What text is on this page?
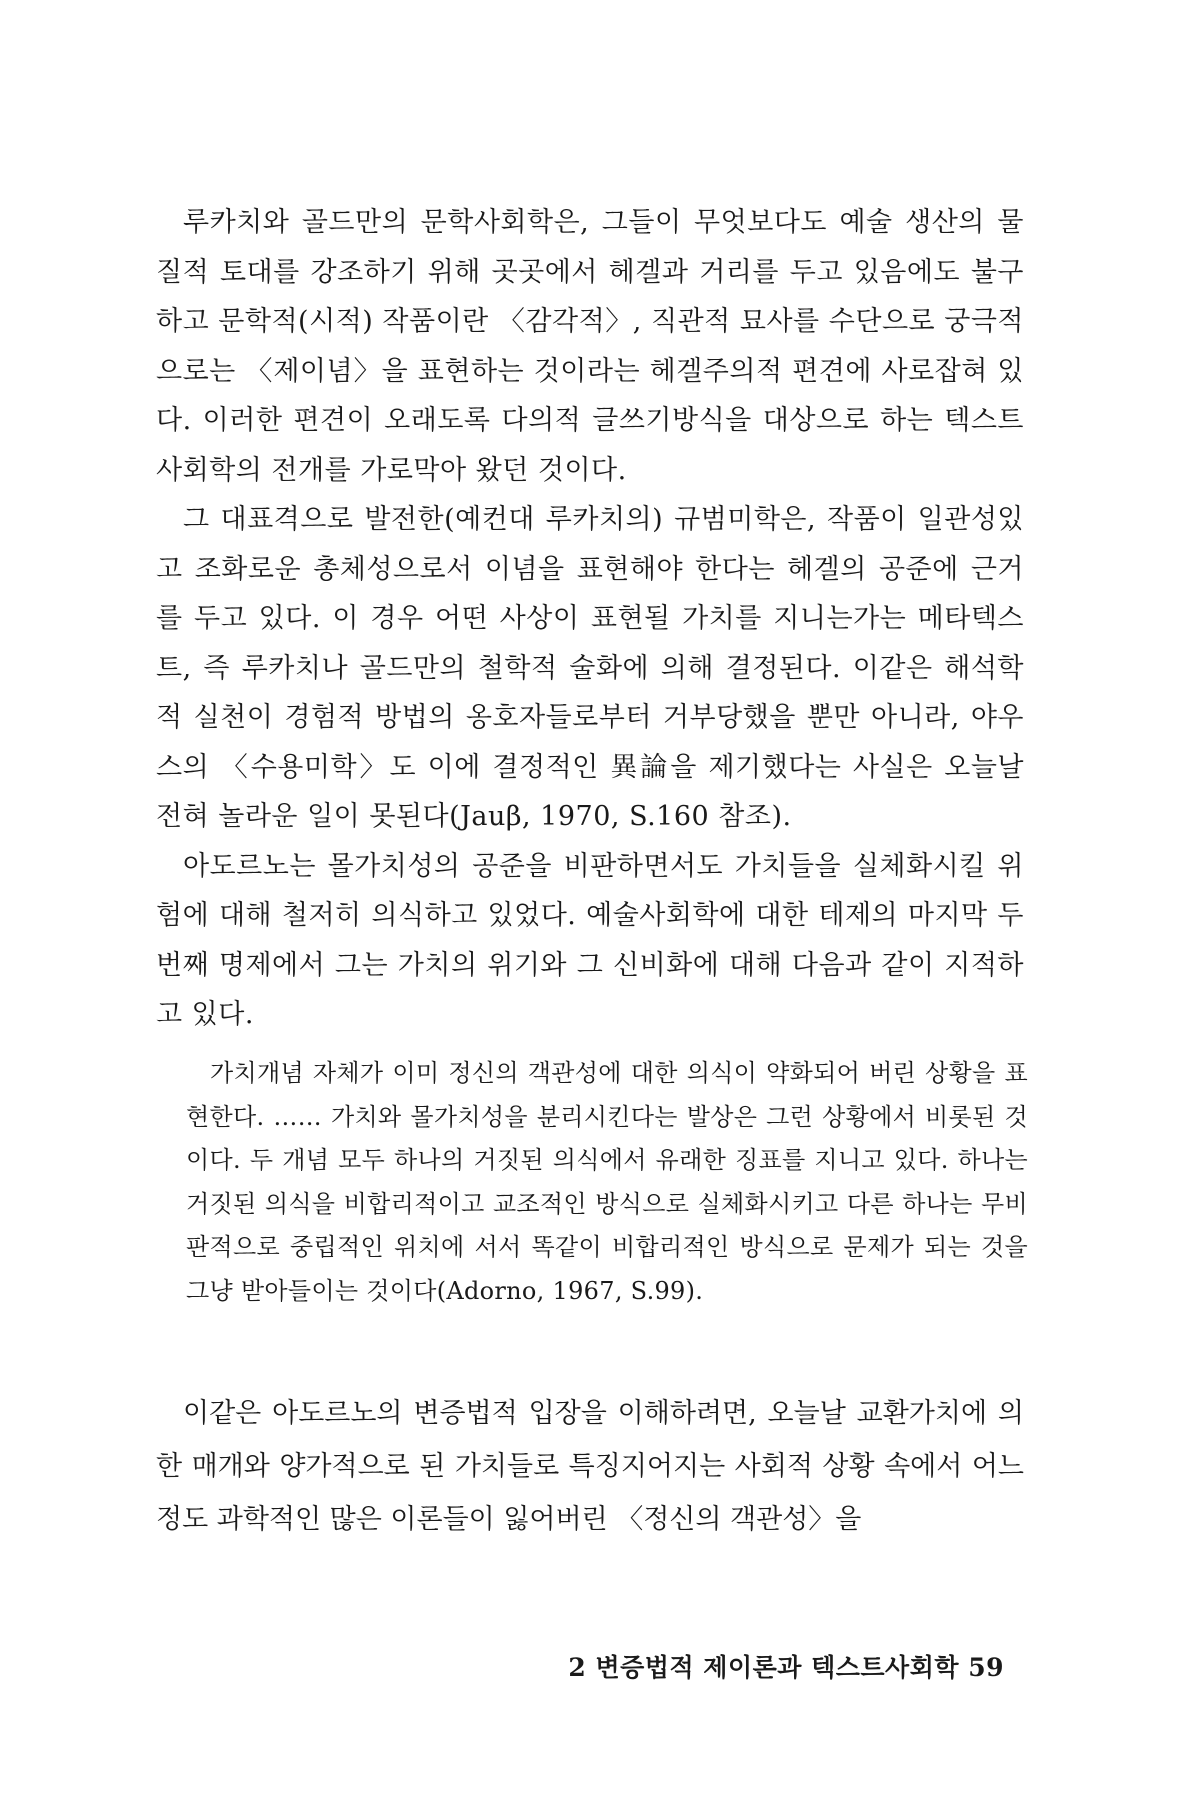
루카치와 골드만의 문학사회학은, 그들이 무엇보다도 예술 생산의 물질적 토대를 강조하기 위해 곳곳에서 헤겔과 거리를 두고 있음에도 불구하고 문학적(시적) 작품이란 〈감각적〉, 직관적 묘사를 수단으로 궁극적으로는 〈제이념〉을 표현하는 것이라는 헤겔주의적 편견에 사로잡혀 있다. 이러한 편견이 오래도록 다의적 글쓰기방식을 대상으로 하는 텍스트사회학의 전개를 가로막아 왔던 것이다.

그 대표격으로 발전한(예컨대 루카치의) 규범미학은, 작품이 일관성있고 조화로운 총체성으로서 이념을 표현해야 한다는 헤겔의 공준에 근거를 두고 있다. 이 경우 어떤 사상이 표현될 가치를 지니는가는 메타텍스트, 즉 루카치나 골드만의 철학적 술화에 의해 결정된다. 이같은 해석학적 실천이 경험적 방법의 옹호자들로부터 거부당했을 뿐만 아니라, 야우스의 〈수용미학〉도 이에 결정적인 異論을 제기했다는 사실은 오늘날 전혀 놀라운 일이 못된다(Jauβ, 1970, S.160 참조).

아도르노는 몰가치성의 공준을 비판하면서도 가치들을 실체화시킬 위험에 대해 철저히 의식하고 있었다. 예술사회학에 대한 테제의 마지막 두번째 명제에서 그는 가치의 위기와 그 신비화에 대해 다음과 같이 지적하고 있다.

가치개념 자체가 이미 정신의 객관성에 대한 의식이 약화되어 버린 상황을 표현한다. …… 가치와 몰가치성을 분리시킨다는 발상은 그런 상황에서 비롯된 것이다. 두 개념 모두 하나의 거짓된 의식에서 유래한 징표를 지니고 있다. 하나는 거짓된 의식을 비합리적이고 교조적인 방식으로 실체화시키고 다른 하나는 무비판적으로 중립적인 위치에 서서 똑같이 비합리적인 방식으로 문제가 되는 것을 그냥 받아들이는 것이다(Adorno, 1967, S.99).

이같은 아도르노의 변증법적 입장을 이해하려면, 오늘날 교환가치에 의한 매개와 양가적으로 된 가치들로 특징지어지는 사회적 상황 속에서 어느 정도 과학적인 많은 이론들이 잃어버린 〈정신의 객관성〉을

2 변증법적 제이론과 텍스트사회학 59
